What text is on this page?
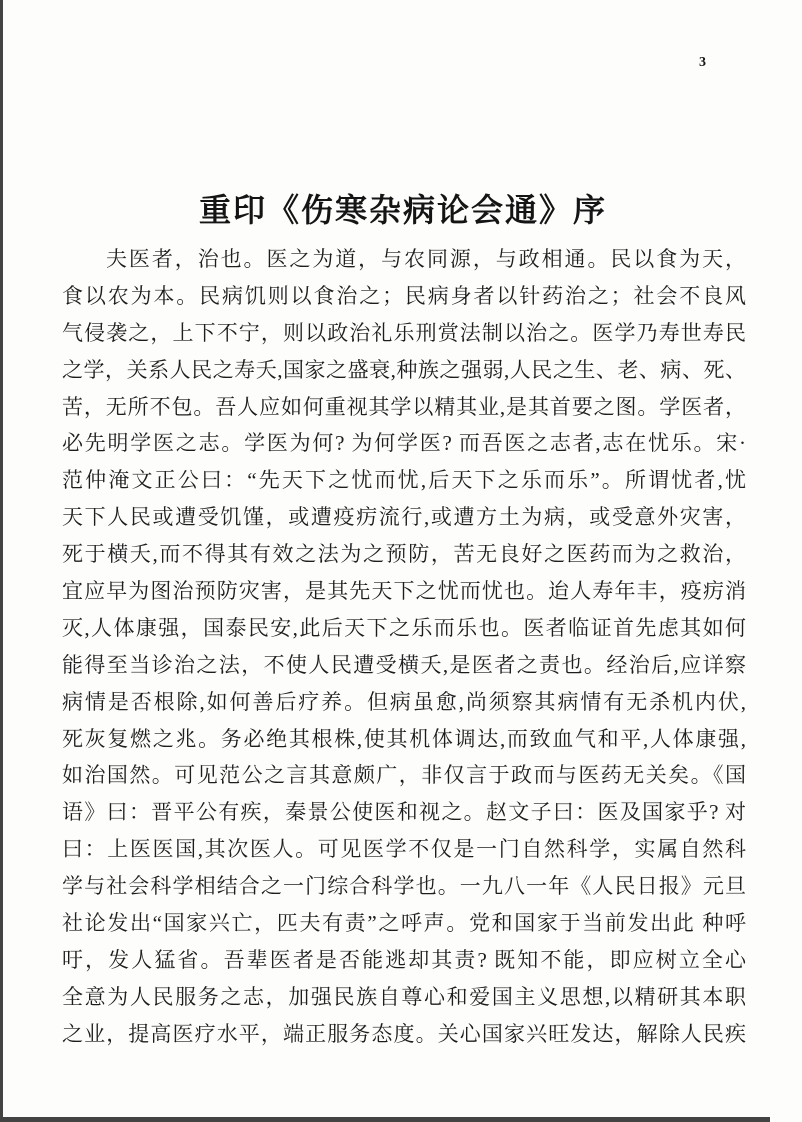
3
重印《伤寒杂病论会通》序
夫医者，治也。医之为道，与农同源，与政相通。民以食为天，
食以农为本。民病饥则以食治之；民病身者以针药治之；社会不良风
气侵袭之，上下不宁，则以政治礼乐刑赏法制以治之。医学乃寿世寿民
之学，关系人民之寿夭,国家之盛衰,种族之强弱,人民之生、老、病、死、
苦，无所不包。吾人应如何重视其学以精其业,是其首要之图。学医者，
必先明学医之志。学医为何? 为何学医? 而吾医之志者,志在忧乐。宋·
范仲淹文正公曰：“先天下之忧而忧,后天下之乐而乐”。所谓忧者,忧
天下人民或遭受饥馑，或遭疫疠流行,或遭方土为病，或受意外灾害，
死于横夭,而不得其有效之法为之预防，苦无良好之医药而为之救治，
宜应早为图治预防灾害，是其先天下之忧而忧也。迨人寿年丰，疫疠消
灭,人体康强，国泰民安,此后天下之乐而乐也。医者临证首先虑其如何
能得至当诊治之法，不使人民遭受横夭,是医者之责也。经治后,应详察
病情是否根除,如何善后疗养。但病虽愈,尚须察其病情有无杀机内伏,
死灰复燃之兆。务必绝其根株,使其机体调达,而致血气和平,人体康强,
如治国然。可见范公之言其意颇广，非仅言于政而与医药无关矣。《国
语》曰：晋平公有疾，秦景公使医和视之。赵文子曰：医及国家乎? 对
曰：上医医国,其次医人。可见医学不仅是一门自然科学，实属自然科
学与社会科学相结合之一门综合科学也。一九八一年《人民日报》元旦
社论发出“国家兴亡，匹夫有责”之呼声。党和国家于当前发出此 种呼
吁，发人猛省。吾辈医者是否能逃却其责? 既知不能，即应树立全心
全意为人民服务之志，加强民族自尊心和爱国主义思想,以精研其本职
之业，提高医疗水平，端正服务态度。关心国家兴旺发达，解除人民疾
